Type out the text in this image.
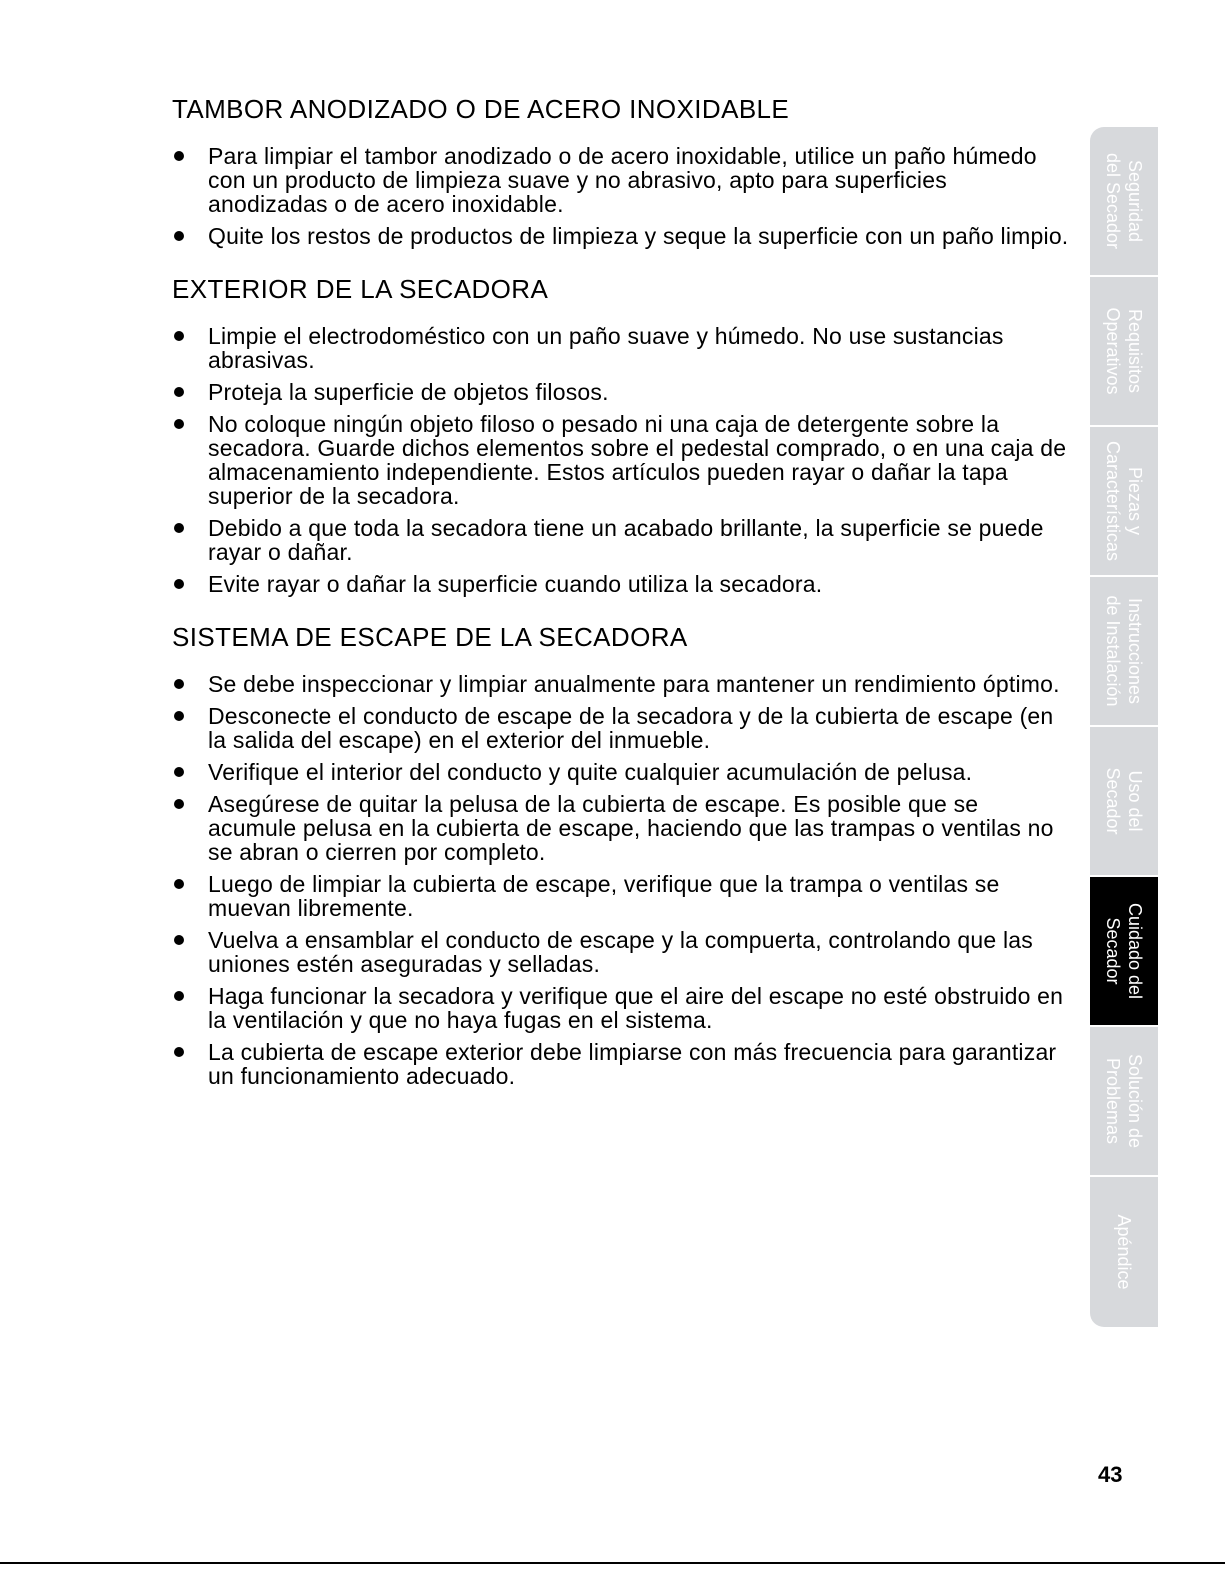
TAMBOR ANODIZADO O DE ACERO INOXIDABLE
Para limpiar el tambor anodizado o de acero inoxidable, utilice un paño húmedo con un producto de limpieza suave y no abrasivo, apto para superficies anodizadas o de acero inoxidable.
Quite los restos de productos de limpieza y seque la superficie con un paño limpio.
EXTERIOR DE LA SECADORA
Limpie el electrodoméstico con un paño suave y húmedo. No use sustancias abrasivas.
Proteja la superficie de objetos filosos.
No coloque ningún objeto filoso o pesado ni una caja de detergente sobre la secadora. Guarde dichos elementos sobre el pedestal comprado, o en una caja de almacenamiento independiente. Estos artículos pueden rayar o dañar la tapa superior de la secadora.
Debido a que toda la secadora tiene un acabado brillante, la superficie se puede rayar o dañar.
Evite rayar o dañar la superficie cuando utiliza la secadora.
SISTEMA DE ESCAPE DE LA SECADORA
Se debe inspeccionar y limpiar anualmente para mantener un rendimiento óptimo.
Desconecte el conducto de escape de la secadora y de la cubierta de escape (en la salida del escape) en el exterior del inmueble.
Verifique el interior del conducto y quite cualquier acumulación de pelusa.
Asegúrese de quitar la pelusa de la cubierta de escape. Es posible que se acumule pelusa en la cubierta de escape, haciendo que las trampas o ventilas no se abran o cierren por completo.
Luego de limpiar la cubierta de escape, verifique que la trampa o ventilas se muevan libremente.
Vuelva a ensamblar el conducto de escape y la compuerta, controlando que las uniones estén aseguradas y selladas.
Haga funcionar la secadora y verifique que el aire del escape no esté obstruido en la ventilación y que no haya fugas en el sistema.
La cubierta de escape exterior debe limpiarse con más frecuencia para garantizar un funcionamiento adecuado.
Seguridad
del Secador
Requisitos
Operativos
Piezas y
Características
Instrucciones
de Instalación
Uso del
Secador
Cuidado del
Secador
Solución de
Problemas
Apéndice
43
